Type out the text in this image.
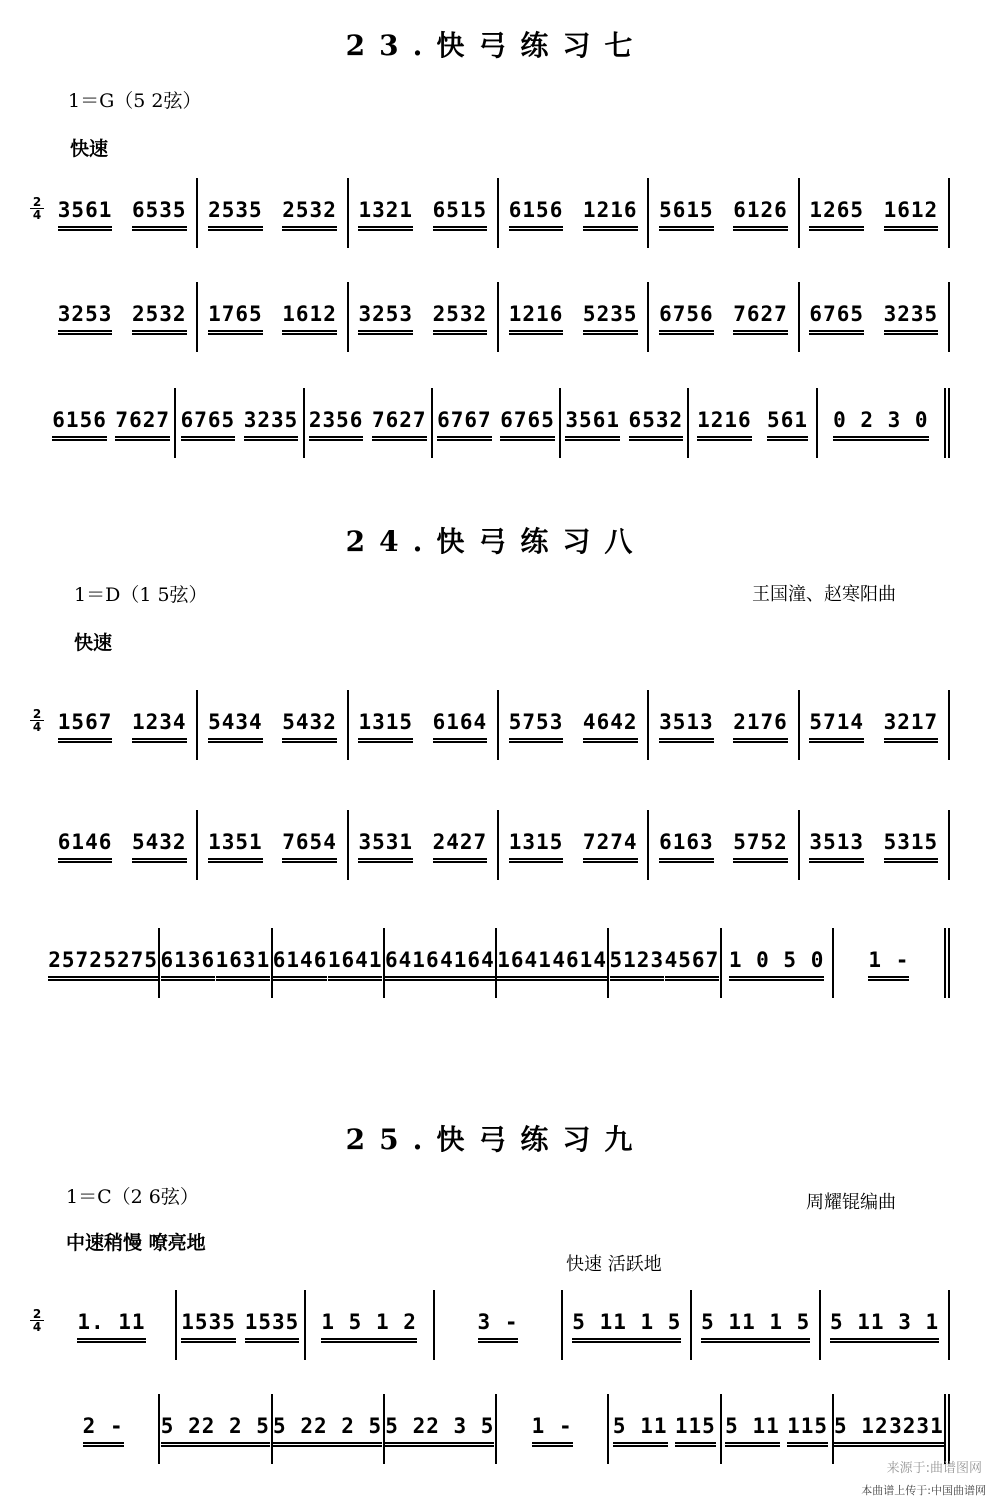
23.快弓练习七
1＝G（5 2弦）
快速
2
4 3561 6535 2535 2532 1321 6515 6156 1216 5615 6126 1265 1612
3253 2532 1765 1612 3253 2532 1216 5235 6756 7627 6765 3235
6156 7627 6765 3235 2356 7627 6767 6765 3561 6532 1216 561 0 2 3 0
24.快弓练习八
1＝D（1 5弦）	王国潼、赵寒阳曲
快速
2
4 1567 1234 5434 5432 1315 6164 5753 4642 3513 2176 5714 3217
6146 5432 1351 7654 3531 2427 1315 7274 6163 5752 3513 5315
2572 5275 6136 1631 6146 1641 6416 4164 1641 4614 5123 4567 1 0 5 0 1 -
25.快弓练习九
1＝C（2 6弦）	周耀锟编曲
中速稍慢 嘹亮地
快速 活跃地
2
4 1. 11 1535 1535 1 5 1 2	3 -	5 11 1 5 5 11 1 5 5 11 3 1
2 - 5 22 2 5 5 22 2 5 5 22 3 5 1 - 5 11 115 5 11 115 5 12 3231
来源于:曲谱图网
本曲谱上传于:中国曲谱网
